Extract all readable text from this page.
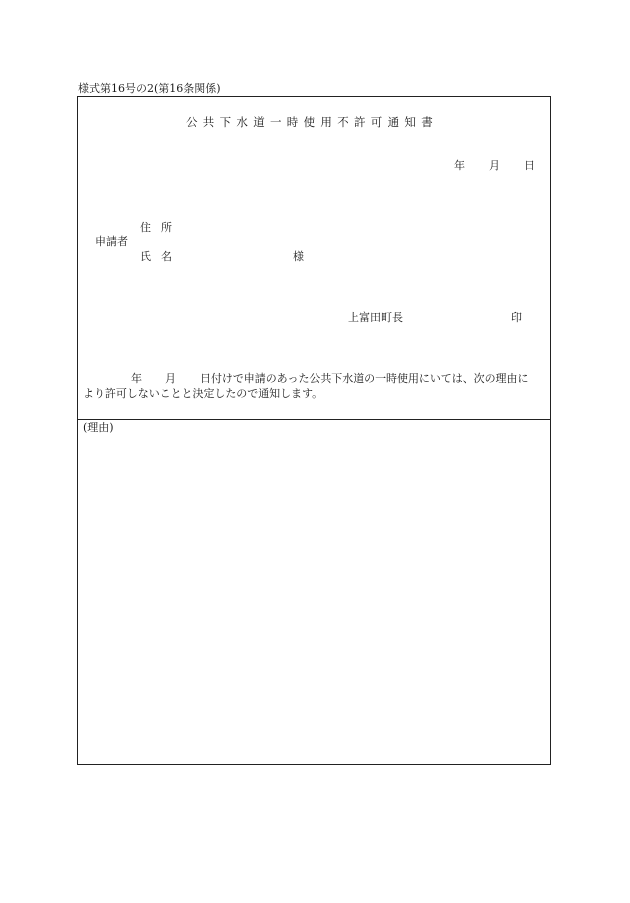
様式第16号の2(第16条関係)
公共下水道一時使用不許可通知書
年 月 日
申請者
住所
氏名	様
上富田町長	印
年 月 日付けで申請のあった公共下水道の一時使用にいては、次の理由に
より許可しないことと決定したので通知します。
(理由)
